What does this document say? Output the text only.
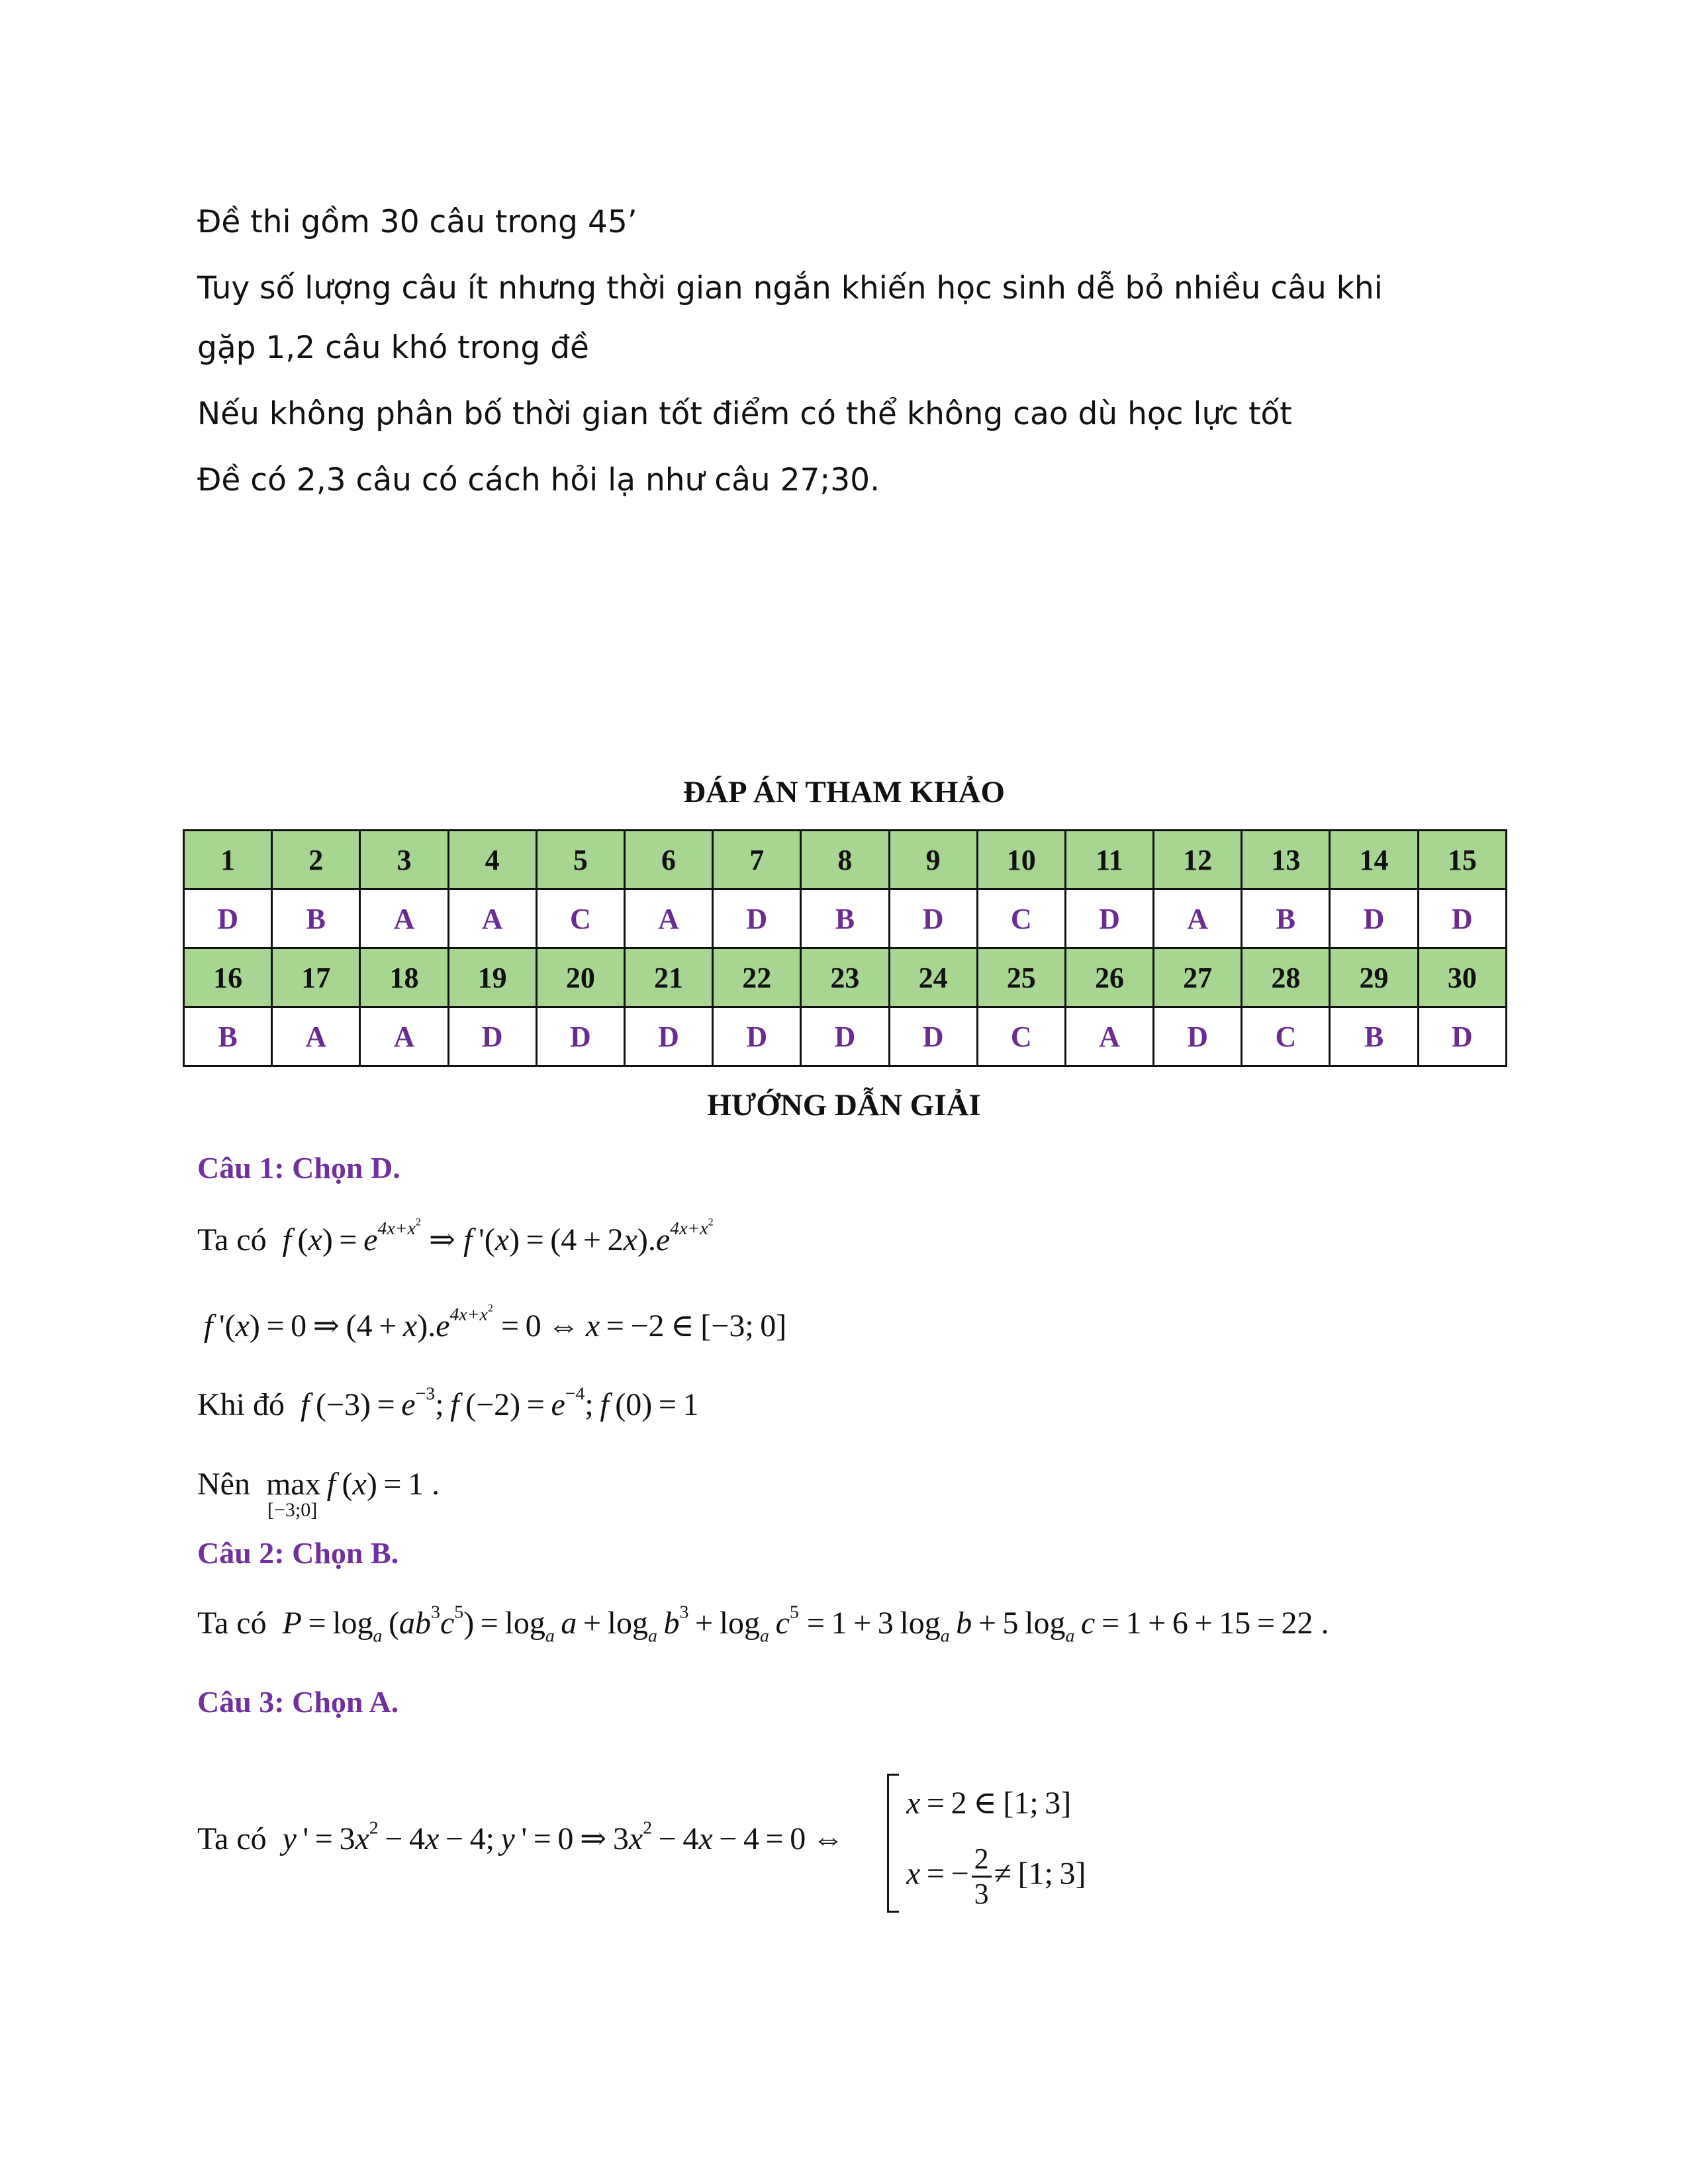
Đề thi gồm 30 câu trong 45’

Tuy số lượng câu ít nhưng thời gian ngắn khiến học sinh dễ bỏ nhiều câu khi

gặp 1,2 câu khó trong đề

Nếu không phân bố thời gian tốt điểm có thể không cao dù học lực tốt

Đề có 2,3 câu có cách hỏi lạ như câu 27;30.

ĐÁP ÁN THAM KHẢO
1	2	3	4	5	6	7	8	9	10	11	12	13	14	15
D	B	A	A	C	A	D	B	D	C	D	A	B	D	D
16	17	18	19	20	21	22	23	24	25	26	27	28	29	30
B	A	A	D	D	D	D	D	D	C	A	D	C	B	D
HƯỚNG DẪN GIẢI
Câu 1: Chọn D.
Ta có f $(x) = e^{4x+x^2}$ ⇒ f '$(x) = (4 + 2x).e^{4x+x^2}$
f '(x) = 0 ⇒ $(4 + x).e^{4x+x^2} = 0$ ⇔ x = −2 ∈ [−3; 0]
Khi đó f $(-3) = e^{-3}$; f $(-2) = e^{-4}$; f (0) = 1
Nên max
[−3;0]
 f (x) = 1 .
Câu 2: Chọn B.
Ta có $P = \log_a (ab^3c^5) = \log_a a + \log_a b^3 + \log_a c^5 = 1 + 3$ $\log_a b + 5$ $\log_a c = 1 + 6 + 15 = 22$ .
Câu 3: Chọn A.
Ta có y ' = $3x^2 - 4x - 4$; y ' = 0 ⇒ $3x^2 - 4x - 4 = 0$ ⇔
x = 2 ∈ [1; 3]
x = − $\frac{2}{3} \ne [1$; 3]
